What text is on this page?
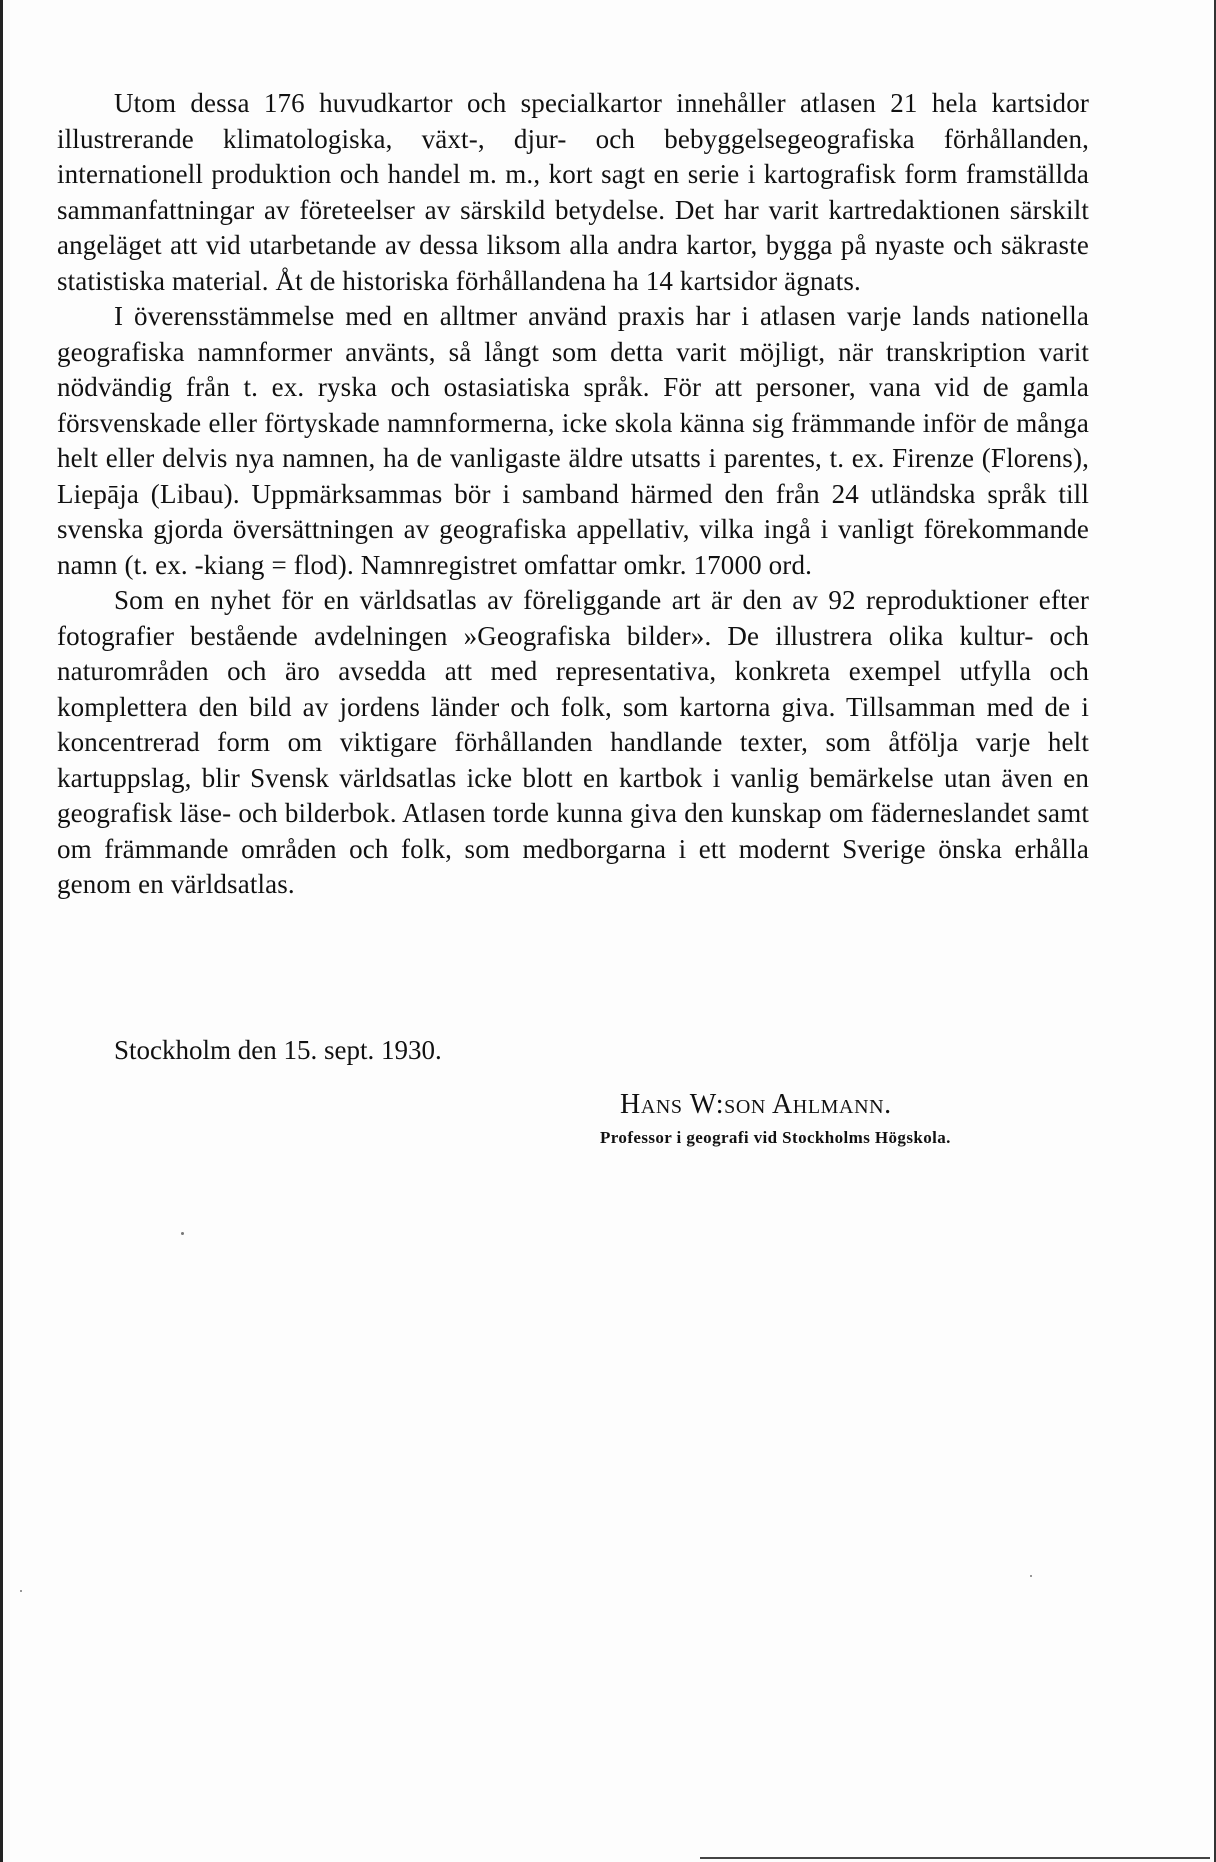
Utom dessa 176 huvudkartor och specialkartor innehåller atlasen 21 hela kartsidor illustrerande klimatologiska, växt-, djur- och bebyggelsegeografiska förhållanden, internationell produktion och handel m. m., kort sagt en serie i kartografisk form framställda sammanfattningar av företeelser av särskild betydelse. Det har varit kartredaktionen särskilt angeläget att vid utarbetande av dessa liksom alla andra kartor, bygga på nyaste och säkraste statistiska material. Åt de historiska förhållandena ha 14 kartsidor ägnats.

I överensstämmelse med en alltmer använd praxis har i atlasen varje lands nationella geografiska namnformer använts, så långt som detta varit möjligt, när transkription varit nödvändig från t. ex. ryska och ostasiatiska språk. För att personer, vana vid de gamla försvenskade eller förtyskade namnformerna, icke skola känna sig främmande inför de många helt eller delvis nya namnen, ha de vanligaste äldre utsatts i parentes, t. ex. Firenze (Florens), Liepāja (Libau). Uppmärksammas bör i samband härmed den från 24 utländska språk till svenska gjorda översättningen av geografiska appellativ, vilka ingå i vanligt förekommande namn (t. ex. -kiang = flod). Namnregistret omfattar omkr. 17000 ord.

Som en nyhet för en världsatlas av föreliggande art är den av 92 reproduktioner efter fotografier bestående avdelningen »Geografiska bilder». De illustrera olika kultur- och naturområden och äro avsedda att med representativa, konkreta exempel utfylla och komplettera den bild av jordens länder och folk, som kartorna giva. Tillsamman med de i koncentrerad form om viktigare förhållanden handlande texter, som åtfölja varje helt kartuppslag, blir Svensk världsatlas icke blott en kartbok i vanlig bemärkelse utan även en geografisk läse- och bilderbok. Atlasen torde kunna giva den kunskap om fäderneslandet samt om främmande områden och folk, som medborgarna i ett modernt Sverige önska erhålla genom en världsatlas.

Stockholm den 15. sept. 1930.
Hans W:son Ahlmann.
Professor i geografi vid Stockholms Högskola.
